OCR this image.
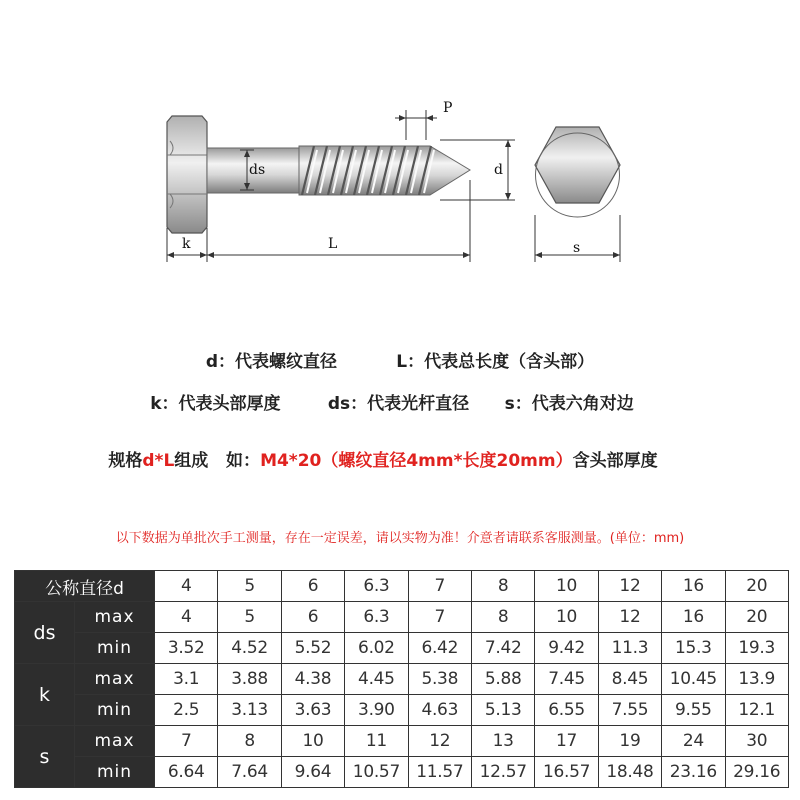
P
ds	d
k	L	s
d：代表螺纹直径	L：代表总长度（含头部）
k：代表头部厚度	ds：代表光杆直径 s：代表六角对边
规格d*L组成   如：M4*20（螺纹直径4mm*长度20mm）含头部厚度
以下数据为单批次手工测量，存在一定误差，请以实物为准！介意者请联系客服测量。(单位：mm)
公称直径d		4	5	6	6.3	7	8	10	12	16	20
ds	max	4	5	6	6.3	7	8	10	12	16	20
	min	3.52	4.52	5.52	6.02	6.42	7.42	9.42	11.3	15.3	19.3
k	max	3.1	3.88	4.38	4.45	5.38	5.88	7.45	8.45	10.45	13.9
	min	2.5	3.13	3.63	3.90	4.63	5.13	6.55	7.55	9.55	12.1
s	max	7	8	10	11	12	13	17	19	24	30
	min	6.64	7.64	9.64	10.57	11.57	12.57	16.57	18.48	23.16	29.16
